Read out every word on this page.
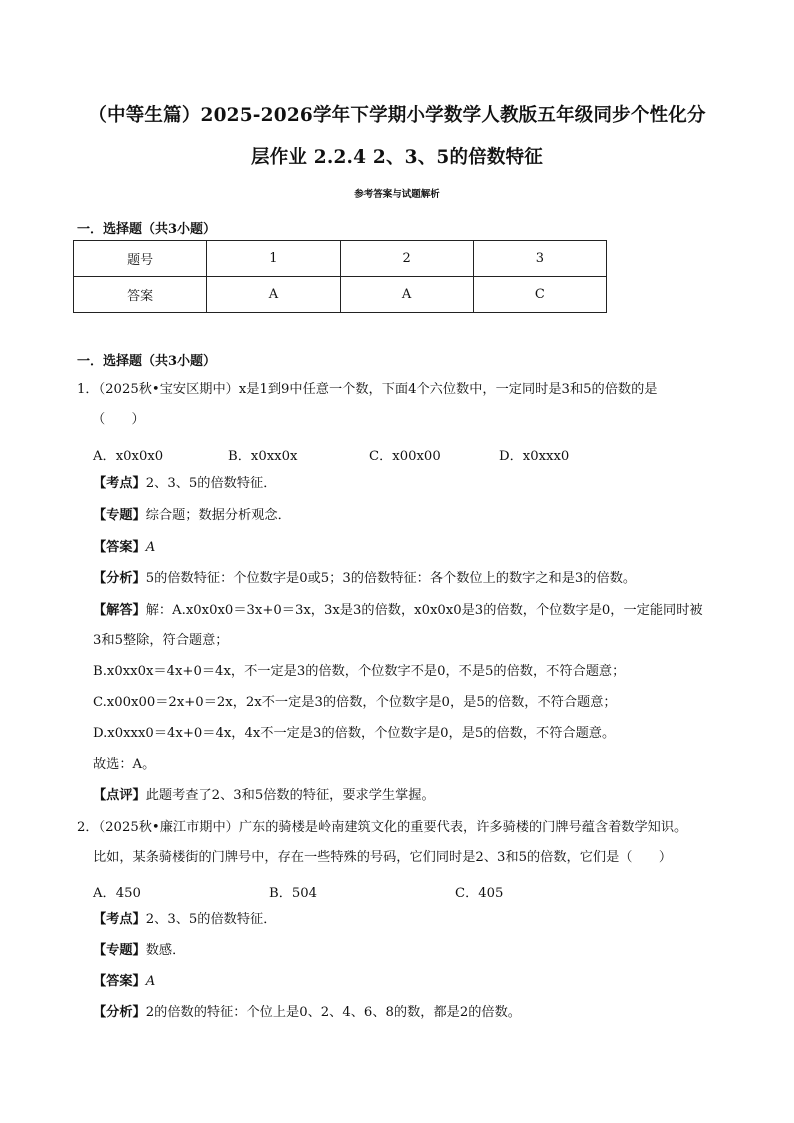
（中等生篇）2025-2026学年下学期小学数学人教版五年级同步个性化分
层作业 2.2.4 2、3、5的倍数特征
参考答案与试题解析
一．选择题（共3小题）
题号	1	2	3
答案	A	A	C
一．选择题（共3小题）
1．（2025秋•宝安区期中）x是1到9中任意一个数，下面4个六位数中，一定同时是3和5的倍数的是
（　　）
A．x0x0x0	B．x0xx0x	C．x00x00	D．x0xxx0
【考点】2、3、5的倍数特征．
【专题】综合题；数据分析观念．
【答案】A
【分析】5的倍数特征：个位数字是0或5；3的倍数特征：各个数位上的数字之和是3的倍数。
【解答】解：A.x0x0x0＝3x+0＝3x，3x是3的倍数，x0x0x0是3的倍数，个位数字是0，一定能同时被
3和5整除，符合题意；
B.x0xx0x＝4x+0＝4x，不一定是3的倍数，个位数字不是0，不是5的倍数，不符合题意；
C.x00x00＝2x+0＝2x，2x不一定是3的倍数，个位数字是0，是5的倍数，不符合题意；
D.x0xxx0＝4x+0＝4x，4x不一定是3的倍数，个位数字是0，是5的倍数，不符合题意。
故选：A。
【点评】此题考查了2、3和5倍数的特征，要求学生掌握。
2．（2025秋•廉江市期中）广东的骑楼是岭南建筑文化的重要代表，许多骑楼的门牌号蕴含着数学知识。
比如，某条骑楼街的门牌号中，存在一些特殊的号码，它们同时是2、3和5的倍数，它们是（　　）
A．450	B．504	C．405
【考点】2、3、5的倍数特征．
【专题】数感．
【答案】A
【分析】2的倍数的特征：个位上是0、2、4、6、8的数，都是2的倍数。
